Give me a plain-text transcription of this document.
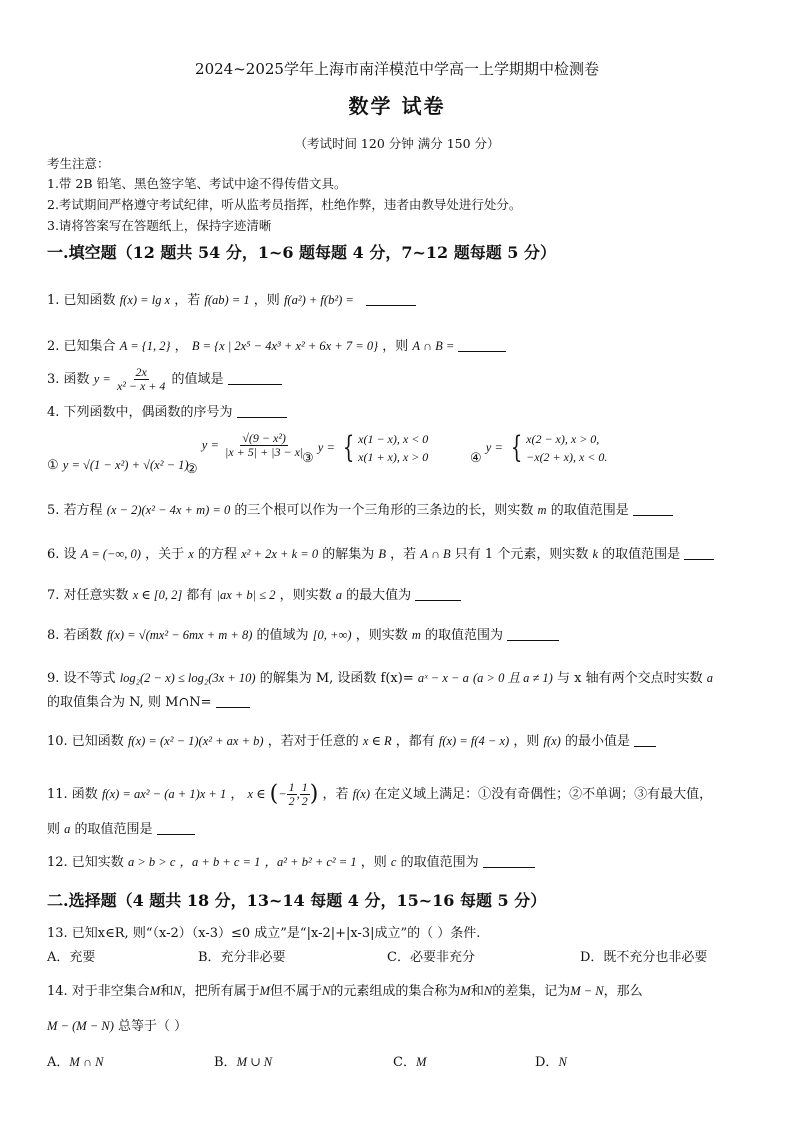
2024~2025学年上海市南洋模范中学高一上学期期中检测卷
数学 试卷
（考试时间 120 分钟 满分 150 分）
考生注意：
1.带 2B 铅笔、黑色签字笔、考试中途不得传借文具。
2.考试期间严格遵守考试纪律，听从监考员指挥，杜绝作弊，违者由教导处进行处分。
3.请将答案写在答题纸上，保持字迹清晰
一.填空题（12 题共 54 分，1~6 题每题 4 分，7~12 题每题 5 分）
1. 已知函数 f(x) = lg x ，若 f(ab) = 1 ，则 f(a²) + f(b²) =
2. 已知集合 A = {1, 2} ， B = {x | 2x⁵ − 4x³ + x² + 6x + 7 = 0} ，则 A ∩ B =
3. 函数 $y = \frac{2x}{\text{x² − x + 4}}$ 的值域是
4. 下列函数中，偶函数的序号为
① y = √(1 − x²) + √(x² − 1)
② $y = \frac{\text{√(9 − x²)}}{|x + 5| + |3 - x|}$
③ y = { x(1 − x), x < 0
x(1 + x), x > 0	④ y = { x(2 − x), x > 0,
−x(2 + x), x < 0.
5. 若方程 (x − 2)(x² − 4x + m) = 0 的三个根可以作为一个三角形的三条边的长，则实数 m 的取值范围是
6. 设 A = (−∞, 0) ，关于 x 的方程 x² + 2x + k = 0 的解集为 B ，若 A ∩ B 只有 1 个元素，则实数 k 的取值范围是
7. 对任意实数 x ∈ [0, 2] 都有 |ax + b| ≤ 2 ，则实数 a 的最大值为
8. 若函数 f(x) = √(mx² − 6mx + m + 8) 的值域为 [0, +∞) ，则实数 m 的取值范围为
9. 设不等式 log₂(2 − x) ≤ log₂(3x + 10) 的解集为 M, 设函数 f(x)= aˣ − x − a (a > 0 且 a ≠ 1) 与 x 轴有两个交点时实数 a
的取值集合为 N, 则 M∩N=
10. 已知函数 f(x) = (x² − 1)(x² + ax + b) ，若对于任意的 x ∈ R ，都有 f(x) = f(4 − x) ，则 f(x) 的最小值是
11. 函数 f(x) = ax² − (a + 1)x + 1 ， x ∈ (− $\frac{1}{2}$ , $\frac{1}{2}$ ) ，若 f(x) 在定义域上满足：①没有奇偶性；②不单调；③有最大值，
则 a 的取值范围是
12. 已知实数 a > b > c ，a + b + c = 1 ，a² + b² + c² = 1 ，则 c 的取值范围为
二.选择题（4 题共 18 分，13~14 每题 4 分，15~16 每题 5 分）
13. 已知x∈R, 则“（x-2）（x-3）≤0 成立”是“|x-2|+|x-3|成立”的（ ）条件.
A．充要	B．充分非必要	C．必要非充分	D．既不充分也非必要
14. 对于非空集合M和N，把所有属于M但不属于N的元素组成的集合称为M和N的差集，记为M − N，那么
M − (M − N) 总等于（ ）
A．M ∩ N	B．M ∪ N	C．M	D．N
